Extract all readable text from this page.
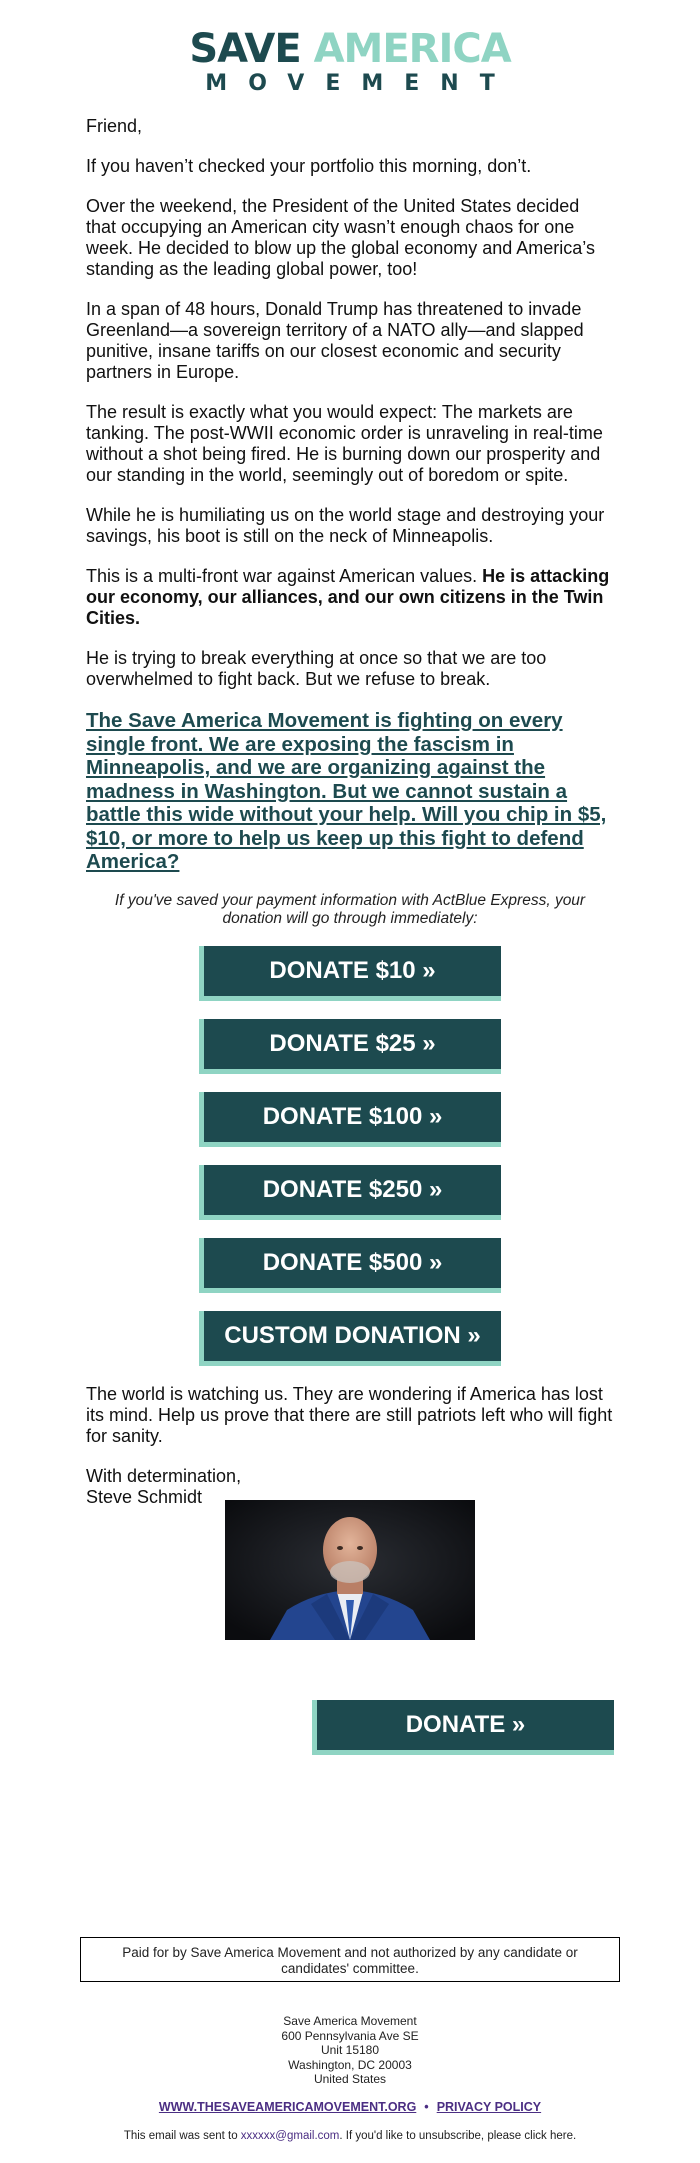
SAVE AMERICA
MOVEMENT

Friend,

If you haven’t checked your portfolio this morning, don’t.

Over the weekend, the President of the United States decided that occupying an American city wasn’t enough chaos for one week. He decided to blow up the global economy and America’s standing as the leading global power, too!

In a span of 48 hours, Donald Trump has threatened to invade Greenland—a sovereign territory of a NATO ally—and slapped punitive, insane tariffs on our closest economic and security partners in Europe.

The result is exactly what you would expect: The markets are tanking. The post-WWII economic order is unraveling in real-time without a shot being fired. He is burning down our prosperity and our standing in the world, seemingly out of boredom or spite.

While he is humiliating us on the world stage and destroying your savings, his boot is still on the neck of Minneapolis.

This is a multi-front war against American values. He is attacking our economy, our alliances, and our own citizens in the Twin Cities.

He is trying to break everything at once so that we are too overwhelmed to fight back. But we refuse to break.

The Save America Movement is fighting on every single front. We are exposing the fascism in Minneapolis, and we are organizing against the madness in Washington. But we cannot sustain a battle this wide without your help. Will you chip in $5, $10, or more to help us keep up this fight to defend America?

If you've saved your payment information with ActBlue Express, your donation will go through immediately:

DONATE $10 »
DONATE $25 »
DONATE $100 »
DONATE $250 »
DONATE $500 »
CUSTOM DONATION »

The world is watching us. They are wondering if America has lost its mind. Help us prove that there are still patriots left who will fight for sanity.

With determination,
Steve Schmidt
DONATE »
Paid for by Save America Movement and not authorized by any candidate or candidates' committee.
Save America Movement
600 Pennsylvania Ave SE
Unit 15180
Washington, DC 20003
United States
WWW.THESAVEAMERICAMOVEMENT.ORG • PRIVACY POLICY
This email was sent to xxxxxx@gmail.com. If you'd like to unsubscribe, please click here.
